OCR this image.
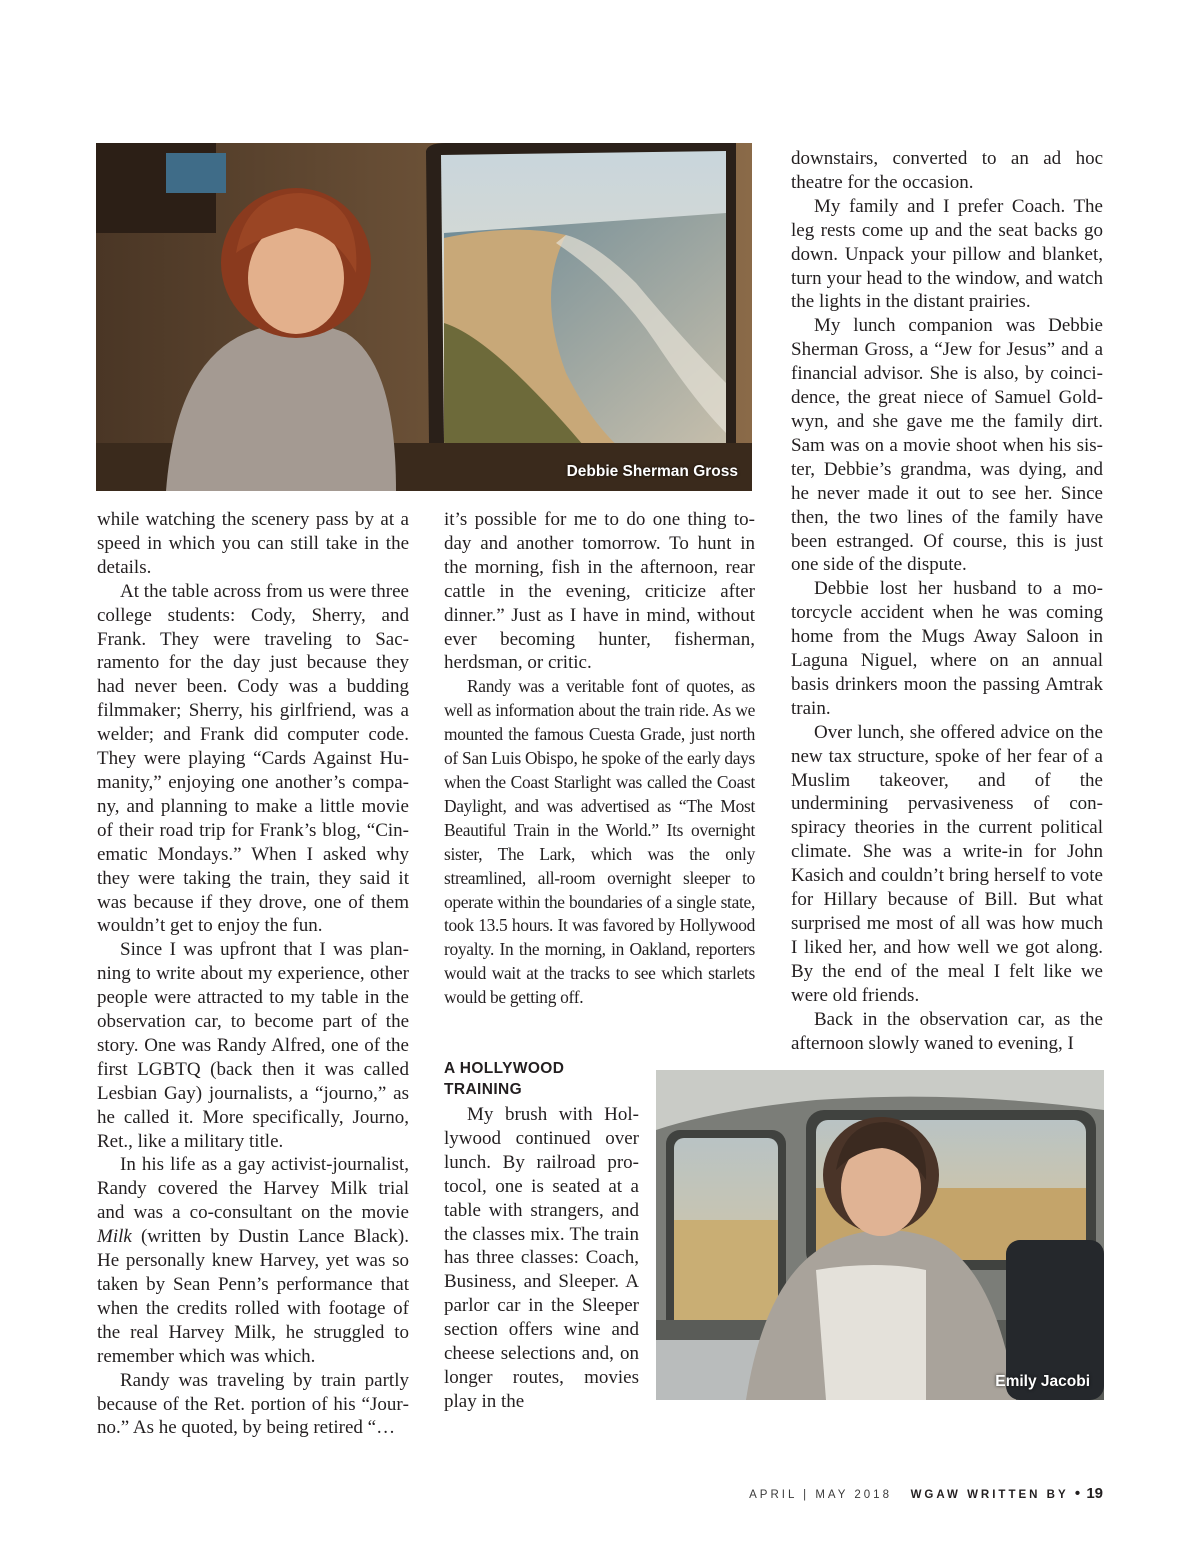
Debbie Sherman Gross

while watching the scenery pass by at a speed in which you can still take in the details.

At the table across from us were three college students: Cody, Sherry, and Frank. They were traveling to Sacramento for the day just because they had never been. Cody was a budding filmmaker; Sherry, his girlfriend, was a welder; and Frank did computer code. They were playing “Cards Against Humanity,” enjoying one another’s company, and planning to make a little movie of their road trip for Frank’s blog, “Cinematic Mondays.” When I asked why they were taking the train, they said it was because if they drove, one of them wouldn’t get to enjoy the fun.

Since I was upfront that I was planning to write about my experience, other people were attracted to my table in the observation car, to become part of the story. One was Randy Alfred, one of the first LGBTQ (back then it was called Lesbian Gay) journalists, a “journo,” as he called it. More specifically, Journo, Ret., like a military title.

In his life as a gay activist-journalist, Randy covered the Harvey Milk trial and was a co-consultant on the movie Milk (written by Dustin Lance Black). He personally knew Harvey, yet was so taken by Sean Penn’s performance that when the credits rolled with footage of the real Harvey Milk, he struggled to remember which was which.

Randy was traveling by train partly because of the Ret. portion of his “Journo.” As he quoted, by being retired “…

it’s possible for me to do one thing today and another tomorrow. To hunt in the morning, fish in the afternoon, rear cattle in the evening, criticize after dinner.” Just as I have in mind, without ever becoming hunter, fisherman, herdsman, or critic.

Randy was a veritable font of quotes, as well as information about the train ride. As we mounted the famous Cuesta Grade, just north of San Luis Obispo, he spoke of the early days when the Coast Starlight was called the Coast Daylight, and was advertised as “The Most Beautiful Train in the World.” Its overnight sister, The Lark, which was the only streamlined, all-room overnight sleeper to operate within the boundaries of a single state, took 13.5 hours. It was favored by Hollywood royalty. In the morning, in Oakland, reporters would wait at the tracks to see which starlets would be getting off.

A HOLLYWOOD
TRAINING

My brush with Hollywood continued over lunch. By railroad protocol, one is seated at a table with strangers, and the classes mix. The train has three classes: Coach, Business, and Sleeper. A parlor car in the Sleeper section offers wine and cheese selections and, on longer routes, movies play in the

downstairs, converted to an ad hoc theatre for the occasion.

My family and I prefer Coach. The leg rests come up and the seat backs go down. Unpack your pillow and blanket, turn your head to the window, and watch the lights in the distant prairies.

My lunch companion was Debbie Sherman Gross, a “Jew for Jesus” and a financial advisor. She is also, by coincidence, the great niece of Samuel Goldwyn, and she gave me the family dirt. Sam was on a movie shoot when his sister, Debbie’s grandma, was dying, and he never made it out to see her. Since then, the two lines of the family have been estranged. Of course, this is just one side of the dispute.

Debbie lost her husband to a motorcycle accident when he was coming home from the Mugs Away Saloon in Laguna Niguel, where on an annual basis drinkers moon the passing Amtrak train.

Over lunch, she offered advice on the new tax structure, spoke of her fear of a Muslim takeover, and of the undermining pervasiveness of conspiracy theories in the current political climate. She was a write-in for John Kasich and couldn’t bring herself to vote for Hillary because of Bill. But what surprised me most of all was how much I liked her, and how well we got along. By the end of the meal I felt like we were old friends.

Back in the observation car, as the afternoon slowly waned to evening, I

Emily Jacobi
APRIL | MAY 2018 WGAW WRITTEN BY • 19
